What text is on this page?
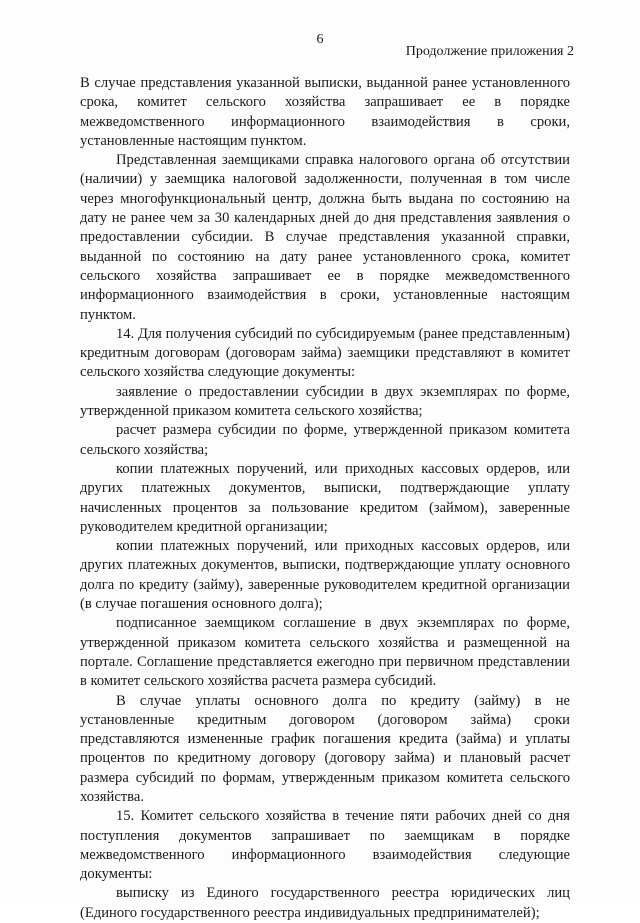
6
Продолжение приложения 2

В случае представления указанной выписки, выданной ранее установленного срока, комитет сельского хозяйства запрашивает ее в порядке межведомственного информационного взаимодействия в сроки, установленные настоящим пунктом.

Представленная заемщиками справка налогового органа об отсутствии (наличии) у заемщика налоговой задолженности, полученная в том числе через многофункциональный центр, должна быть выдана по состоянию на дату не ранее чем за 30 календарных дней до дня представления заявления о предоставлении субсидии. В случае представления указанной справки, выданной по состоянию на дату ранее установленного срока, комитет сельского хозяйства запрашивает ее в порядке межведомственного информационного взаимодействия в сроки, установленные настоящим пунктом.

14. Для получения субсидий по субсидируемым (ранее представленным) кредитным договорам (договорам займа) заемщики представляют в комитет сельского хозяйства следующие документы:

заявление о предоставлении субсидии в двух экземплярах по форме, утвержденной приказом комитета сельского хозяйства;

расчет размера субсидии по форме, утвержденной приказом комитета сельского хозяйства;

копии платежных поручений, или приходных кассовых ордеров, или других платежных документов, выписки, подтверждающие уплату начисленных процентов за пользование кредитом (займом), заверенные руководителем кредитной организации;

копии платежных поручений, или приходных кассовых ордеров, или других платежных документов, выписки, подтверждающие уплату основного долга по кредиту (займу), заверенные руководителем кредитной организации (в случае погашения основного долга);

подписанное заемщиком соглашение в двух экземплярах по форме, утвержденной приказом комитета сельского хозяйства и размещенной на портале. Соглашение представляется ежегодно при первичном представлении в комитет сельского хозяйства расчета размера субсидий.

В случае уплаты основного долга по кредиту (займу) в не установленные кредитным договором (договором займа) сроки представляются измененные график погашения кредита (займа) и уплаты процентов по кредитному договору (договору займа) и плановый расчет размера субсидий по формам, утвержденным приказом комитета сельского хозяйства.

15. Комитет сельского хозяйства в течение пяти рабочих дней со дня поступления документов запрашивает по заемщикам в порядке межведомственного информационного взаимодействия следующие документы:

выписку из Единого государственного реестра юридических лиц (Единого государственного реестра индивидуальных предпринимателей);
